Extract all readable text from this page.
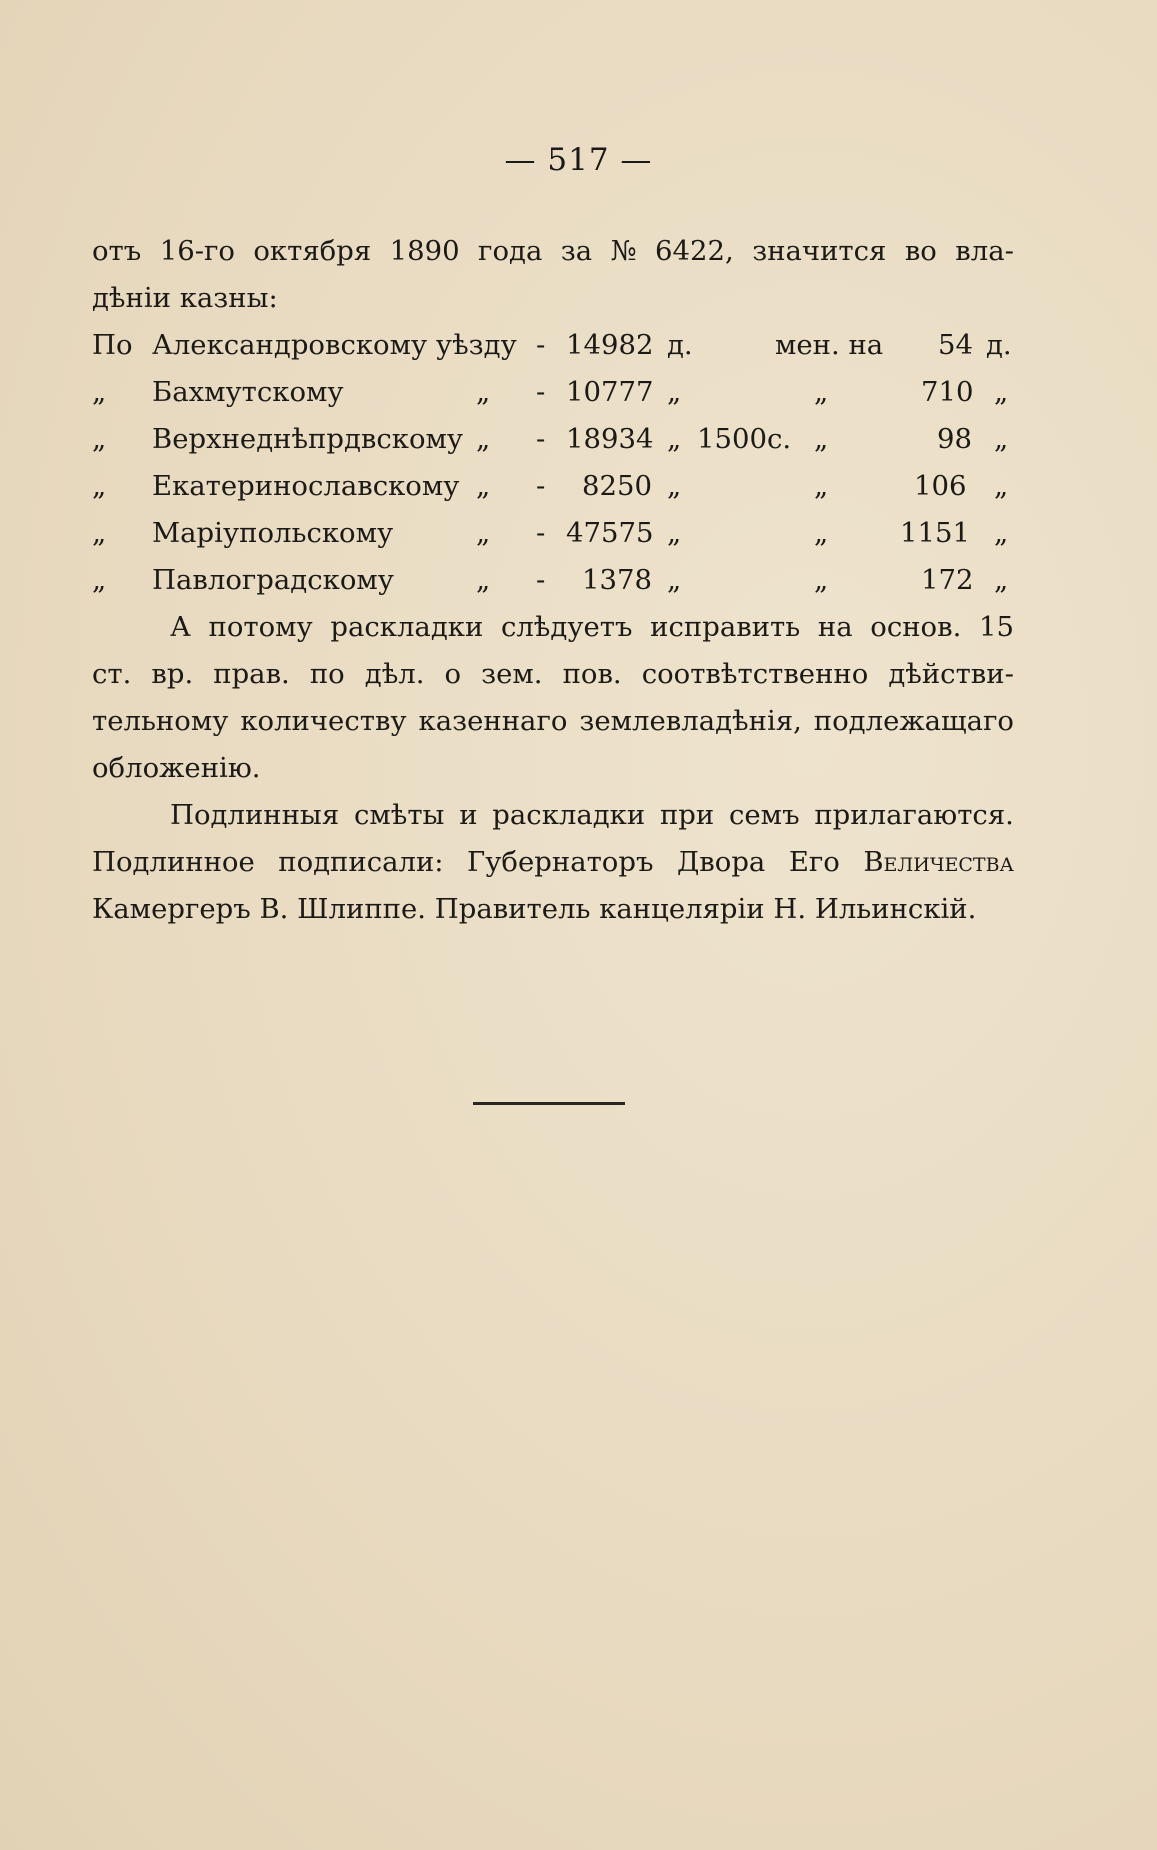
— 517 —
отъ 16-го октября 1890 года за № 6422, значится во вла-
дѣніи казны:
По Александровскому уѣзду - 14982 д.	мен. на 54 д.
„ Бахмутскому	„ - 10777 „	„	710 „
„ Верхнеднѣпрдвскому „ - 18934 „ 1500с. „	98 „
„ Екатеринославскому „ - 8250 „	„	106 „
„ Маріупольскому	„ - 47575 „	„	1151 „
„ Павлоградскому	„ - 1378 „	„	172 „
А потому раскладки слѣдуетъ исправить на основ. 15
ст. вр. прав. по дѣл. о зем. пов. соотвѣтственно дѣйстви-
тельному количеству казеннаго землевладѣнія, подлежащаго
обложенію.
Подлинныя смѣты и раскладки при семъ прилагаются.
Подлинное подписали: Губернаторъ Двора Его Величества
Камергеръ В. Шлиппе. Правитель канцеляріи Н. Ильинскій.
